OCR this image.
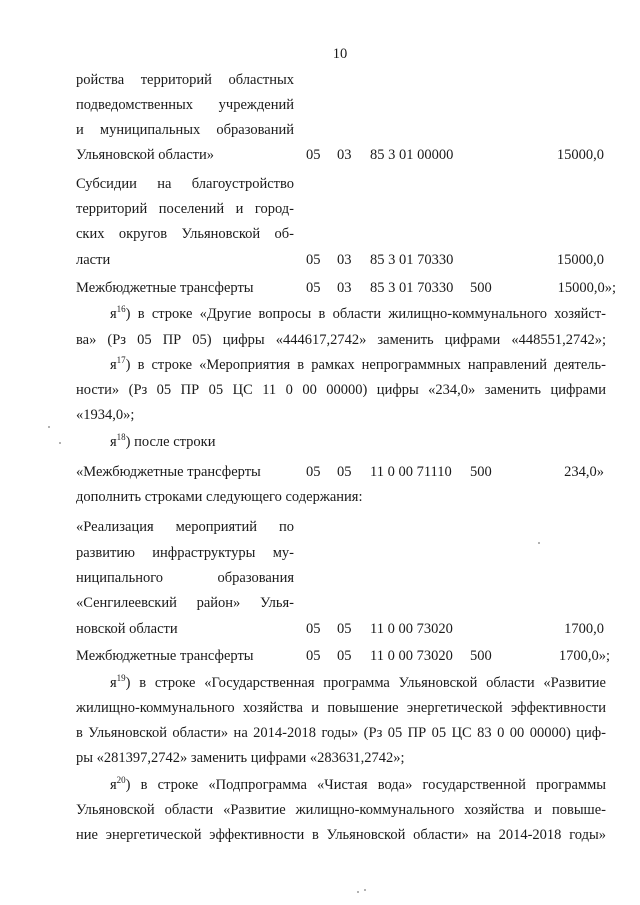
10
ройства территорий областных
подведомственных учреждений
и муниципальных образований
Ульяновской области»	05 03 85 3 01 00000	15000,0
Субсидии на благоустройство
территорий поселений и город-
ских округов Ульяновской об-
ласти	05 03 85 3 01 70330	15000,0
Межбюджетные трансферты	05 03 85 3 01 70330 500	15000,0»;
$я^{16}$) в строке «Другие вопросы в области жилищно-коммунального хозяйст-
ва» (Рз 05 ПР 05) цифры «444617,2742» заменить цифрами «448551,2742»;
$я^{17}$) в строке «Мероприятия в рамках непрограммных направлений деятель-
ности» (Рз 05 ПР 05 ЦС 11 0 00 00000) цифры «234,0» заменить цифрами
«1934,0»;
$я^{18}$) после строки
«Межбюджетные трансферты	05 05 11 0 00 71110 500	234,0»
дополнить строками следующего содержания:
«Реализация мероприятий по
развитию инфраструктуры му-
ниципального образования
«Сенгилеевский район» Улья-
новской области	05 05 11 0 00 73020	1700,0
Межбюджетные трансферты	05 05 11 0 00 73020 500	1700,0»;
$я^{19}$) в строке «Государственная программа Ульяновской области «Развитие
жилищно-коммунального хозяйства и повышение энергетической эффективности
в Ульяновской области» на 2014-2018 годы» (Рз 05 ПР 05 ЦС 83 0 00 00000) циф-
ры «281397,2742» заменить цифрами «283631,2742»;
$я^{20}$) в строке «Подпрограмма «Чистая вода» государственной программы
Ульяновской области «Развитие жилищно-коммунального хозяйства и повыше-
ние энергетической эффективности в Ульяновской области» на 2014-2018 годы»
